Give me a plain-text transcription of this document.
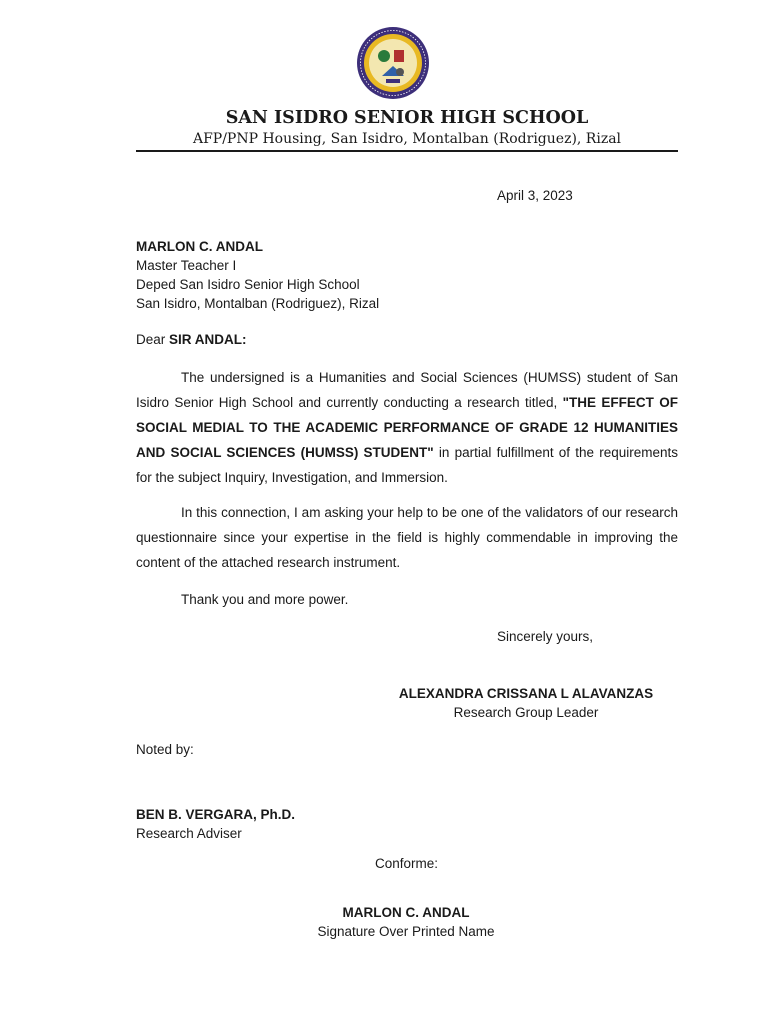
SAN ISIDRO SENIOR HIGH SCHOOL
AFP/PNP Housing, San Isidro, Montalban (Rodriguez), Rizal
April 3, 2023
MARLON C. ANDAL
Master Teacher I
Deped San Isidro Senior High School
San Isidro, Montalban (Rodriguez), Rizal
Dear SIR ANDAL:
The undersigned is a Humanities and Social Sciences (HUMSS) student of San Isidro Senior High School and currently conducting a research titled, "THE EFFECT OF SOCIAL MEDIAL TO THE ACADEMIC PERFORMANCE OF GRADE 12 HUMANITIES AND SOCIAL SCIENCES (HUMSS) STUDENT" in partial fulfillment of the requirements for the subject Inquiry, Investigation, and Immersion.
In this connection, I am asking your help to be one of the validators of our research questionnaire since your expertise in the field is highly commendable in improving the content of the attached research instrument.
Thank you and more power.
Sincerely yours,
ALEXANDRA CRISSANA L ALAVANZAS
Research Group Leader
Noted by:
BEN B. VERGARA, Ph.D.
Research Adviser
Conforme:
MARLON C. ANDAL
Signature Over Printed Name
